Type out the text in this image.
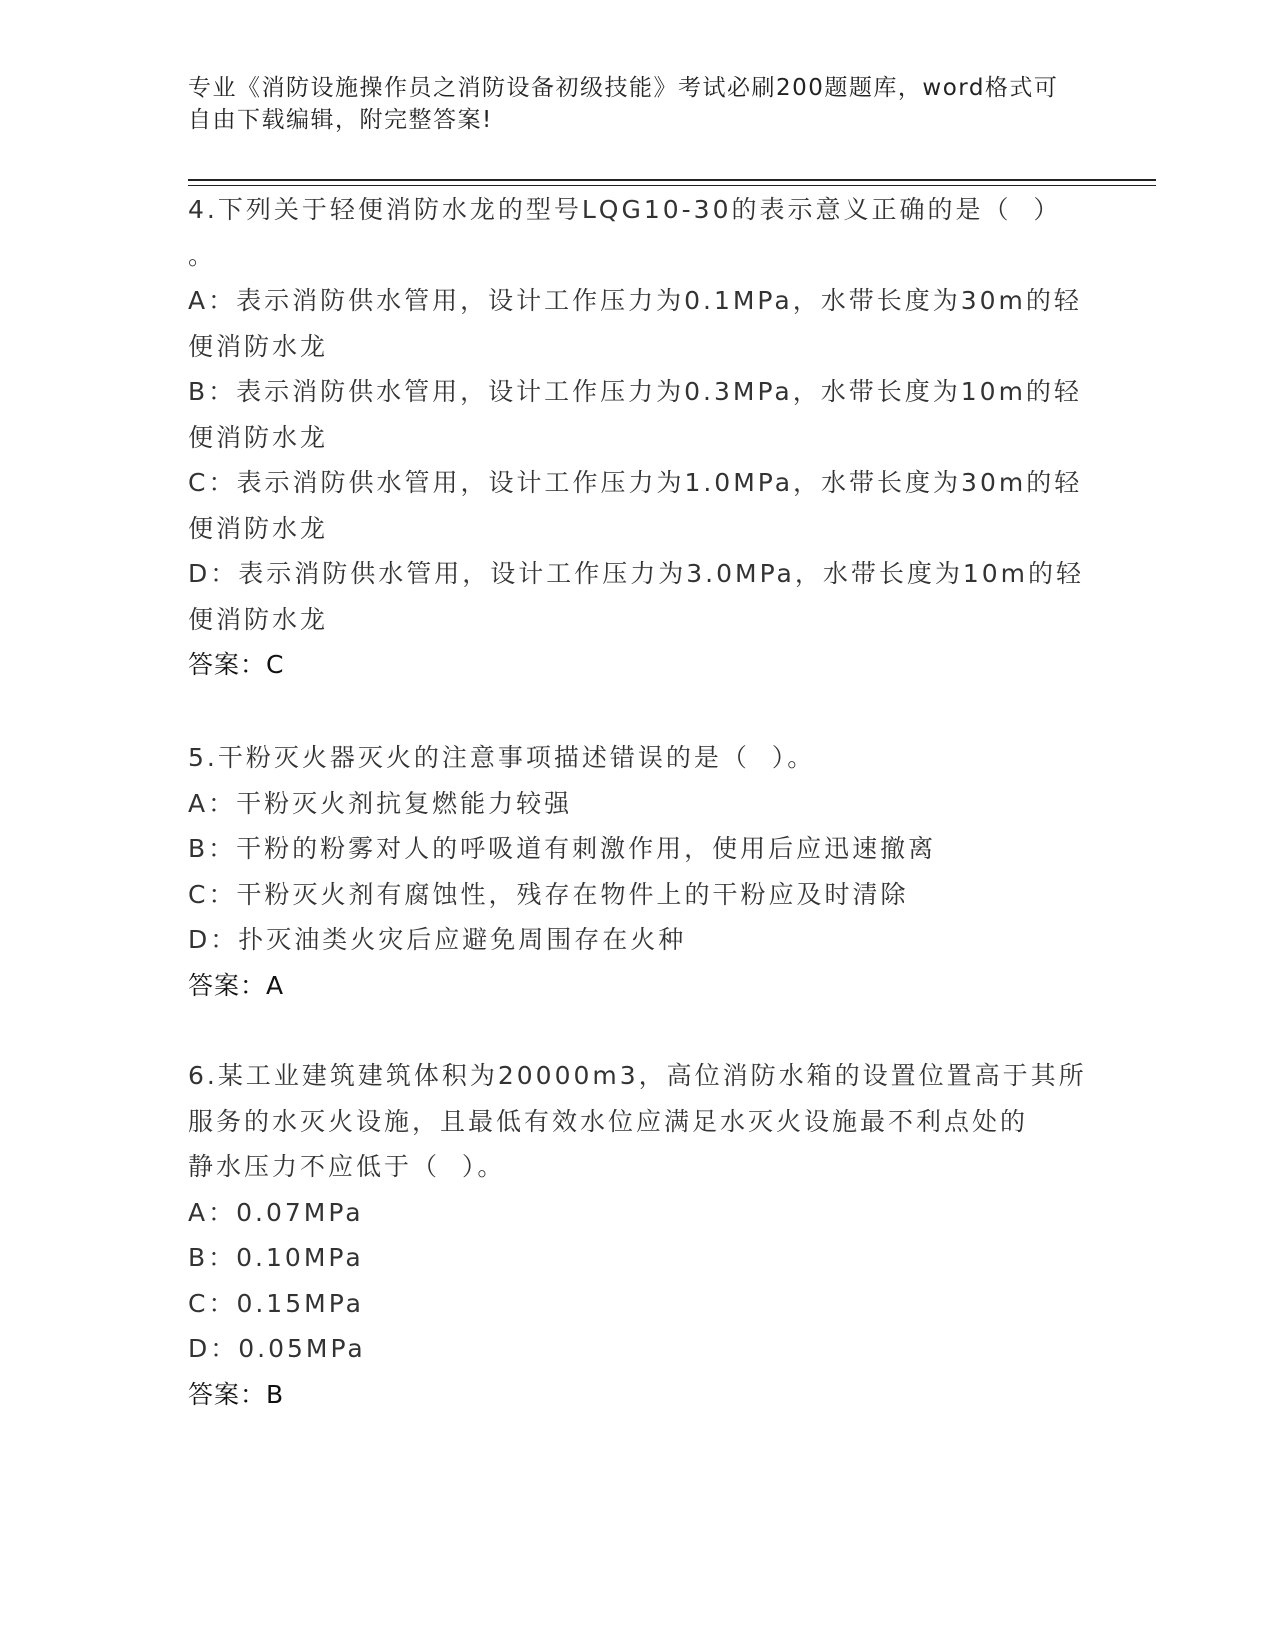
专业《消防设施操作员之消防设备初级技能》考试必刷200题题库，word格式可
自由下载编辑，附完整答案!
4.下列关于轻便消防水龙的型号LQG10-30的表示意义正确的是（  ）
。
A：表示消防供水管用，设计工作压力为0.1MPa，水带长度为30m的轻
便消防水龙
B：表示消防供水管用，设计工作压力为0.3MPa，水带长度为10m的轻
便消防水龙
C：表示消防供水管用，设计工作压力为1.0MPa，水带长度为30m的轻
便消防水龙
D：表示消防供水管用，设计工作压力为3.0MPa，水带长度为10m的轻
便消防水龙
答案：C
5.干粉灭火器灭火的注意事项描述错误的是（  ）。
A：干粉灭火剂抗复燃能力较强
B：干粉的粉雾对人的呼吸道有刺激作用，使用后应迅速撤离
C：干粉灭火剂有腐蚀性，残存在物件上的干粉应及时清除
D：扑灭油类火灾后应避免周围存在火种
答案：A
6.某工业建筑建筑体积为20000m3，高位消防水箱的设置位置高于其所
服务的水灭火设施，且最低有效水位应满足水灭火设施最不利点处的
静水压力不应低于（  ）。
A：0.07MPa
B：0.10MPa
C：0.15MPa
D：0.05MPa
答案：B
